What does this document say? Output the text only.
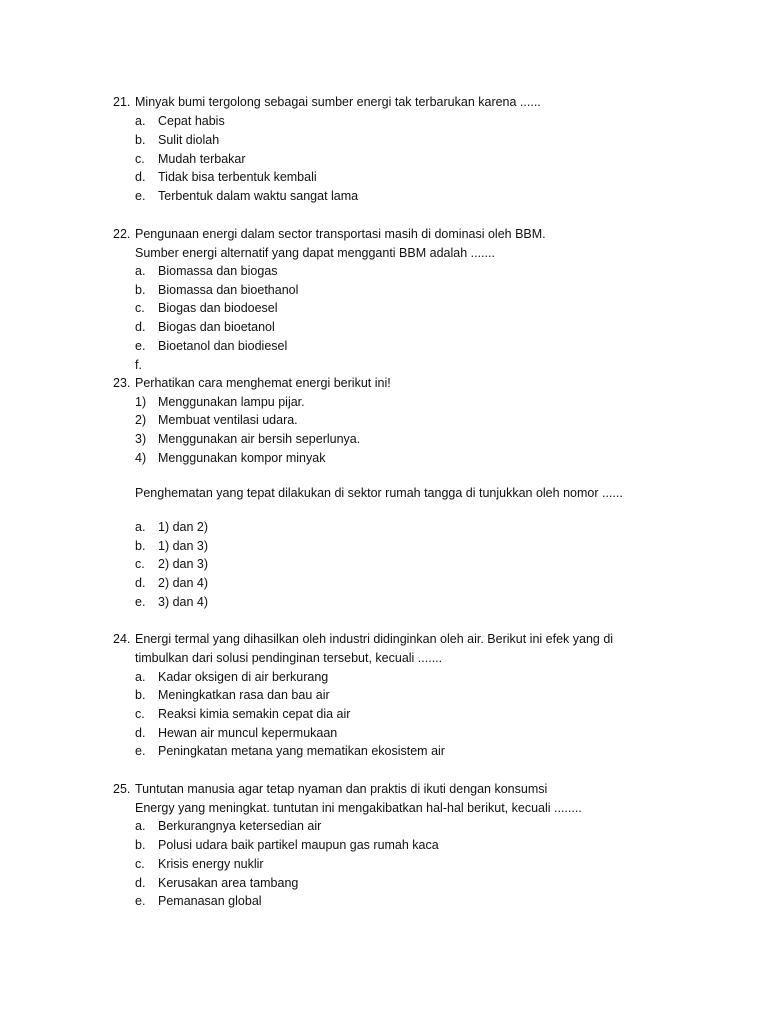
21. Minyak bumi tergolong sebagai sumber energi tak terbarukan karena ......
a. Cepat habis
b. Sulit diolah
c. Mudah terbakar
d. Tidak bisa terbentuk kembali
e. Terbentuk dalam waktu sangat lama
22. Pengunaan energi dalam sector transportasi masih di dominasi oleh BBM.
Sumber energi alternatif yang dapat mengganti BBM adalah .......
a. Biomassa dan biogas
b. Biomassa dan bioethanol
c. Biogas dan biodoesel
d. Biogas dan bioetanol
e. Bioetanol dan biodiesel
f.
23. Perhatikan cara menghemat energi berikut ini!
1) Menggunakan lampu pijar.
2) Membuat ventilasi udara.
3) Menggunakan air bersih seperlunya.
4) Menggunakan kompor minyak
Penghematan yang tepat dilakukan di sektor rumah tangga di tunjukkan oleh nomor ......
a. 1) dan 2)
b. 1) dan 3)
c. 2) dan 3)
d. 2) dan 4)
e. 3) dan 4)
24. Energi termal yang dihasilkan oleh industri didinginkan oleh air. Berikut ini efek yang di
timbulkan dari solusi pendinginan tersebut, kecuali .......
a. Kadar oksigen di air berkurang
b. Meningkatkan rasa dan bau air
c. Reaksi kimia semakin cepat dia air
d. Hewan air muncul kepermukaan
e. Peningkatan metana yang mematikan ekosistem air
25. Tuntutan manusia agar tetap nyaman dan praktis di ikuti dengan konsumsi
Energy yang meningkat. tuntutan ini mengakibatkan hal-hal berikut, kecuali ........
a. Berkurangnya ketersedian air
b. Polusi udara baik partikel maupun gas rumah kaca
c. Krisis energy nuklir
d. Kerusakan area tambang
e. Pemanasan global
